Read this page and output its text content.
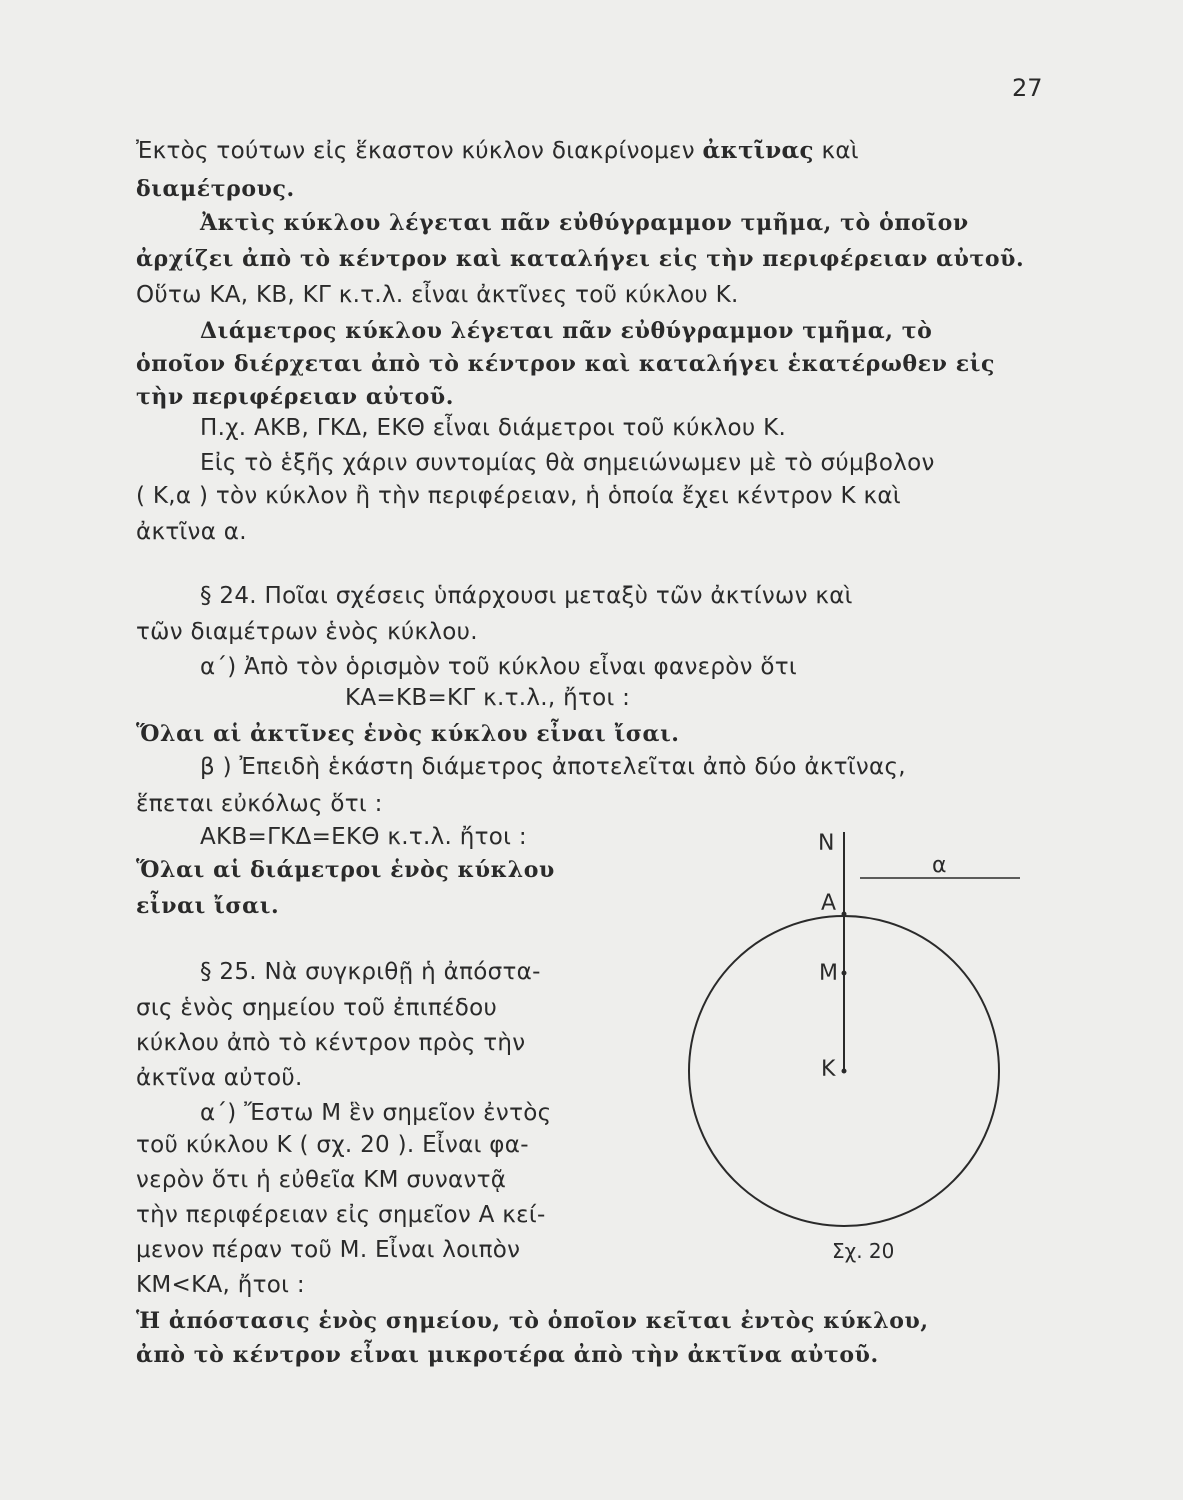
27
Ἐκτὸς τούτων εἰς ἕκαστον κύκλον διακρίνομεν ἀκτῖνας καὶ
διαμέτρους.
Ἀκτὶς κύκλου λέγεται πᾶν εὐθύγραμμον τμῆμα, τὸ ὁποῖον
ἀρχίζει ἀπὸ τὸ κέντρον καὶ καταλήγει εἰς τὴν περιφέρειαν αὐτοῦ.
Οὕτω ΚΑ, ΚΒ, ΚΓ κ.τ.λ. εἶναι ἀκτῖνες τοῦ κύκλου Κ.
Διάμετρος κύκλου λέγεται πᾶν εὐθύγραμμον τμῆμα, τὸ
ὁποῖον διέρχεται ἀπὸ τὸ κέντρον καὶ καταλήγει ἑκατέρωθεν εἰς
τὴν περιφέρειαν αὐτοῦ.
Π.χ. ΑΚΒ, ΓΚΔ, ΕΚΘ εἶναι διάμετροι τοῦ κύκλου Κ.
Εἰς τὸ ἑξῆς χάριν συντομίας θὰ σημειώνωμεν μὲ τὸ σύμβολον
( Κ,α ) τὸν κύκλον ἢ τὴν περιφέρειαν, ἡ ὁποία ἔχει κέντρον Κ καὶ
ἀκτῖνα α.
§ 24. Ποῖαι σχέσεις ὑπάρχουσι μεταξὺ τῶν ἀκτίνων καὶ
τῶν διαμέτρων ἑνὸς κύκλου.
α΄) Ἀπὸ τὸν ὁρισμὸν τοῦ κύκλου εἶναι φανερὸν ὅτι
ΚΑ=ΚΒ=ΚΓ κ.τ.λ., ἤτοι :
Ὅλαι αἱ ἀκτῖνες ἑνὸς κύκλου εἶναι ἴσαι.
β ) Ἐπειδὴ ἑκάστη διάμετρος ἀποτελεῖται ἀπὸ δύο ἀκτῖνας,
ἕπεται εὐκόλως ὅτι :
ΑΚΒ=ΓΚΔ=ΕΚΘ κ.τ.λ. ἤτοι :
Ὅλαι αἱ διάμετροι ἑνὸς κύκλου
εἶναι ἴσαι.
§ 25. Νὰ συγκριθῇ ἡ ἀπόστα-
σις ἑνὸς σημείου τοῦ ἐπιπέδου
κύκλου ἀπὸ τὸ κέντρον πρὸς τὴν
ἀκτῖνα αὐτοῦ.
α΄) Ἔστω Μ ἓν σημεῖον ἐντὸς
τοῦ κύκλου Κ ( σχ. 20 ). Εἶναι φα-
νερὸν ὅτι ἡ εὐθεῖα ΚΜ συναντᾷ
τὴν περιφέρειαν εἰς σημεῖον Α κεί-
μενον πέραν τοῦ Μ. Εἶναι λοιπὸν
ΚΜ<ΚΑ, ἤτοι :
Ἡ ἀπόστασις ἑνὸς σημείου, τὸ ὁποῖον κεῖται ἐντὸς κύκλου,
ἀπὸ τὸ κέντρον εἶναι μικροτέρα ἀπὸ τὴν ἀκτῖνα αὐτοῦ.
Ν
Α
Μ
Κ
α
Σχ. 20
